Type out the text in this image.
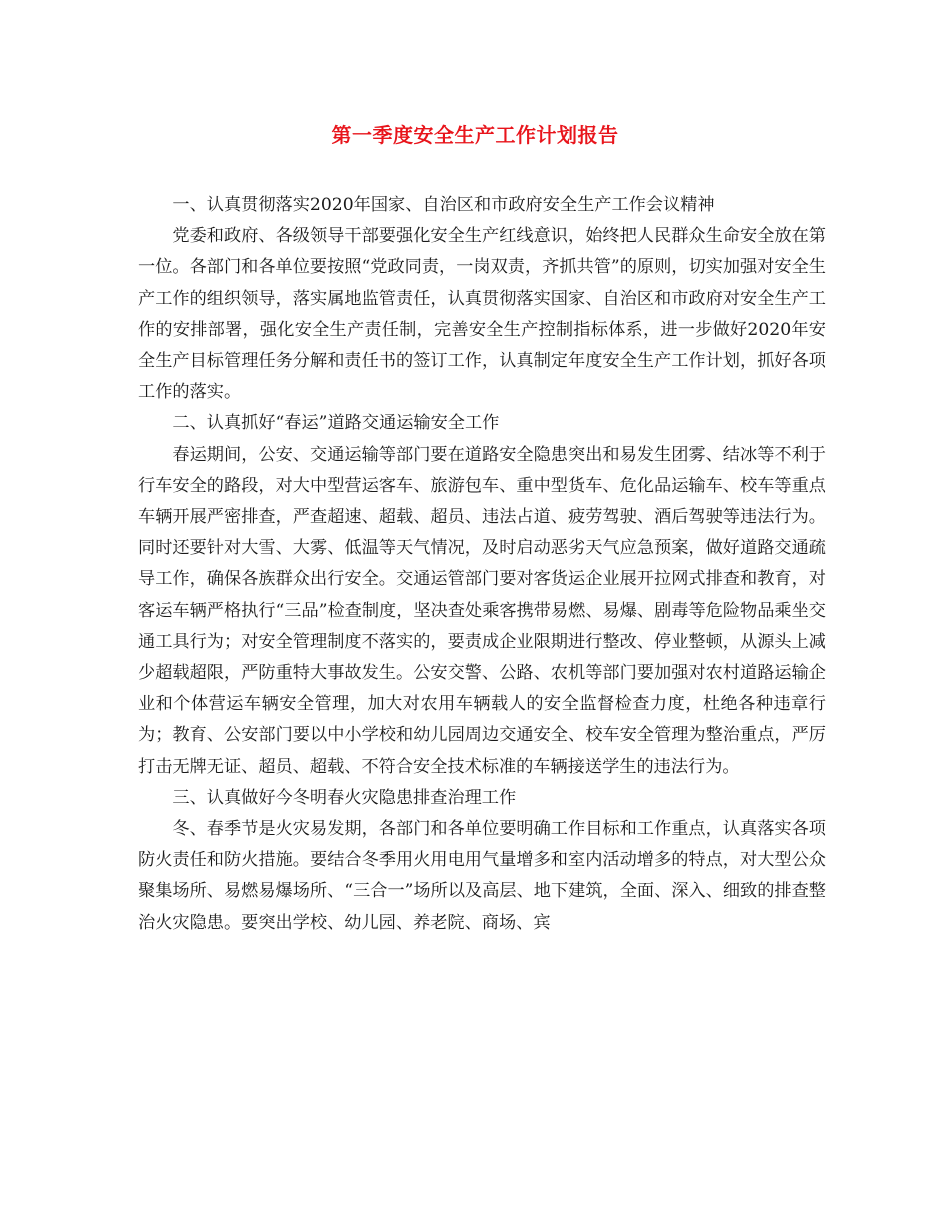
第一季度安全生产工作计划报告

一、认真贯彻落实2020年国家、自治区和市政府安全生产工作会议精神

党委和政府、各级领导干部要强化安全生产红线意识，始终把人民群众生命安全放在第一位。各部门和各单位要按照“党政同责，一岗双责，齐抓共管”的原则，切实加强对安全生产工作的组织领导，落实属地监管责任，认真贯彻落实国家、自治区和市政府对安全生产工作的安排部署，强化安全生产责任制，完善安全生产控制指标体系，进一步做好2020年安全生产目标管理任务分解和责任书的签订工作，认真制定年度安全生产工作计划，抓好各项工作的落实。

二、认真抓好“春运”道路交通运输安全工作

春运期间，公安、交通运输等部门要在道路安全隐患突出和易发生团雾、结冰等不利于行车安全的路段，对大中型营运客车、旅游包车、重中型货车、危化品运输车、校车等重点车辆开展严密排查，严查超速、超载、超员、违法占道、疲劳驾驶、酒后驾驶等违法行为。同时还要针对大雪、大雾、低温等天气情况，及时启动恶劣天气应急预案，做好道路交通疏导工作，确保各族群众出行安全。交通运管部门要对客货运企业展开拉网式排查和教育，对客运车辆严格执行“三品”检查制度，坚决查处乘客携带易燃、易爆、剧毒等危险物品乘坐交通工具行为；对安全管理制度不落实的，要责成企业限期进行整改、停业整顿，从源头上减少超载超限，严防重特大事故发生。公安交警、公路、农机等部门要加强对农村道路运输企业和个体营运车辆安全管理，加大对农用车辆载人的安全监督检查力度，杜绝各种违章行为；教育、公安部门要以中小学校和幼儿园周边交通安全、校车安全管理为整治重点，严厉打击无牌无证、超员、超载、不符合安全技术标准的车辆接送学生的违法行为。

三、认真做好今冬明春火灾隐患排查治理工作

冬、春季节是火灾易发期，各部门和各单位要明确工作目标和工作重点，认真落实各项防火责任和防火措施。要结合冬季用火用电用气量增多和室内活动增多的特点，对大型公众聚集场所、易燃易爆场所、“三合一”场所以及高层、地下建筑，全面、深入、细致的排查整治火灾隐患。要突出学校、幼儿园、养老院、商场、宾
